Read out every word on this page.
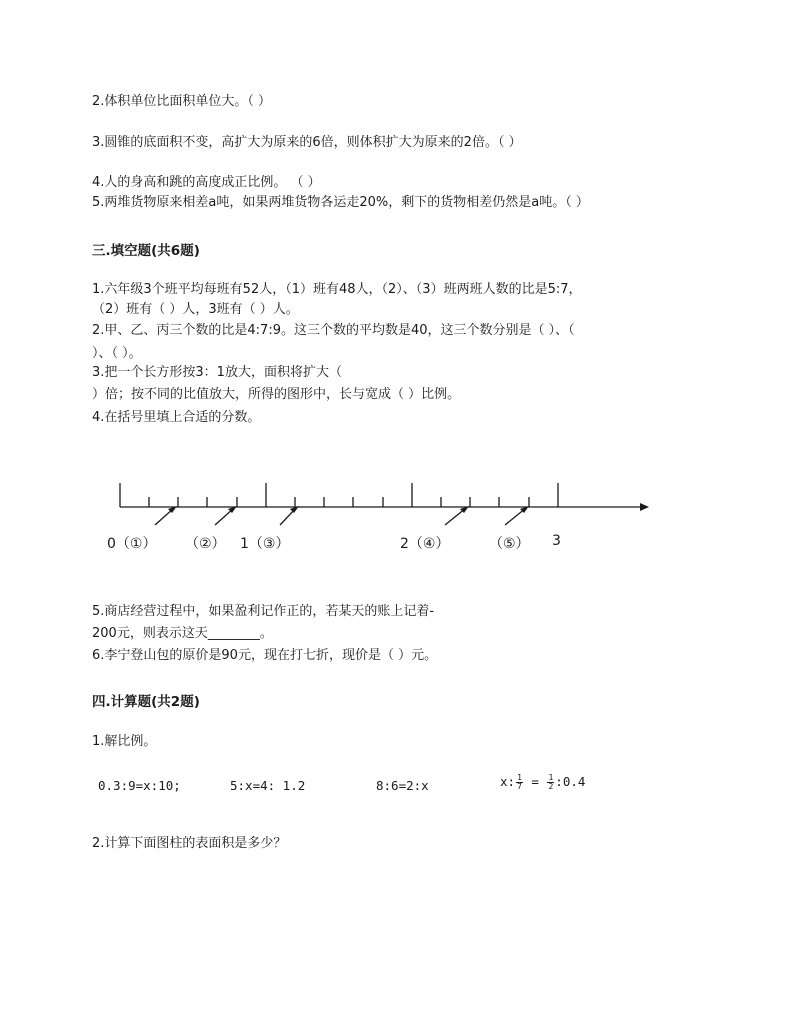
2.体积单位比面积单位大。（ ）
3.圆锥的底面积不变，高扩大为原来的6倍，则体积扩大为原来的2倍。（ ）
4.人的身高和跳的高度成正比例。 （ ）
5.两堆货物原来相差a吨，如果两堆货物各运走20%，剩下的货物相差仍然是a吨。（ ）
三.填空题(共6题)
1.六年级3个班平均每班有52人，（1）班有48人，（2）、（3）班两班人数的比是5:7，
（2）班有（ ）人，3班有（ ）人。
2.甲、乙、丙三个数的比是4:7:9。这三个数的平均数是40，这三个数分别是（ ）、（
）、（ ）。
3.把一个长方形按3：1放大，面积将扩大（
）倍；按不同的比值放大，所得的图形中，长与宽成（ ）比例。
4.在括号里填上合适的分数。
0（①） （②） 1（③）	2（④）	（⑤） 3
5.商店经营过程中，如果盈利记作正的，若某天的账上记着-
200元，则表示这天________。
6.李宁登山包的原价是90元，现在打七折，现价是（ ）元。
四.计算题(共2题)
1.解比例。
0.3:9=x:10;	5:x=4: 1.2	8:6=2:x	x: $\frac{1}{7} = \frac{1}{2}$ :0.4
2.计算下面图柱的表面积是多少？
